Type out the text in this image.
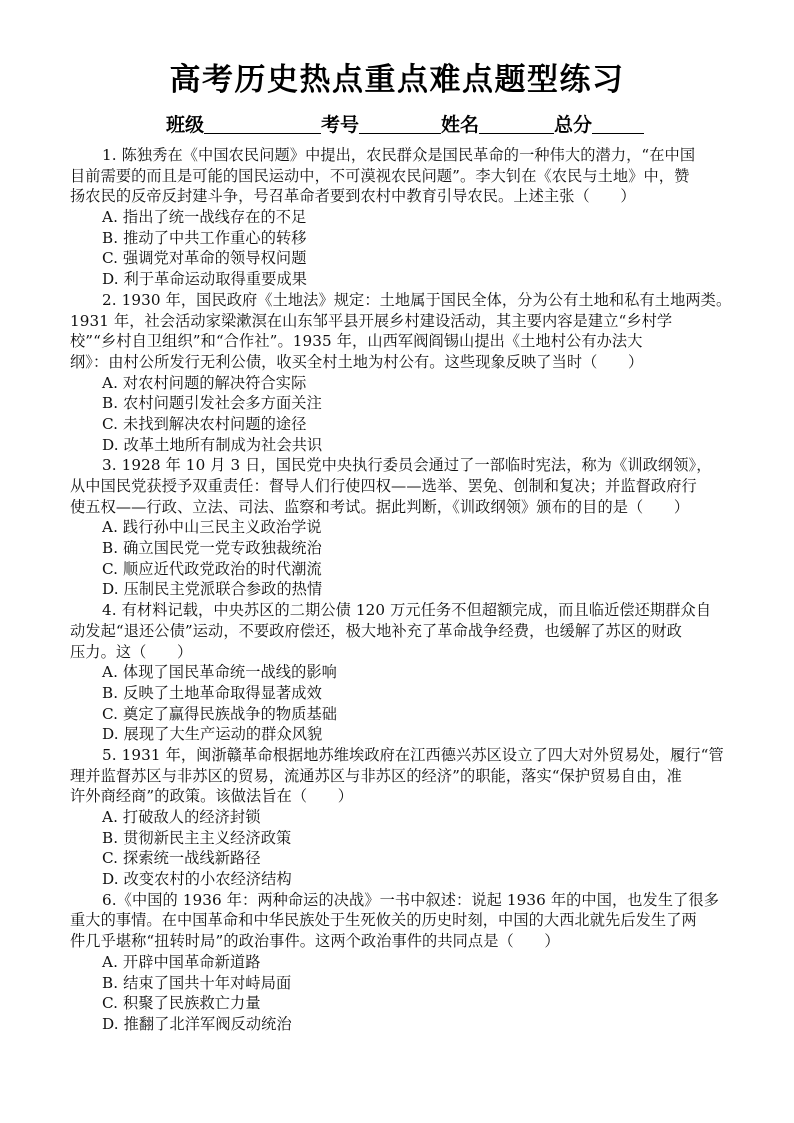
高考历史热点重点难点题型练习
班级	考号	姓名	总分
1. 陈独秀在《中国农民问题》中提出，农民群众是国民革命的一种伟大的潜力，“在中国
目前需要的而且是可能的国民运动中，不可漠视农民问题”。李大钊在《农民与土地》中，赞
扬农民的反帝反封建斗争，号召革命者要到农村中教育引导农民。上述主张（　　）
A. 指出了统一战线存在的不足
B. 推动了中共工作重心的转移
C. 强调党对革命的领导权问题
D. 利于革命运动取得重要成果
2. 1930 年，国民政府《土地法》规定：土地属于国民全体，分为公有土地和私有土地两类。
1931 年，社会活动家梁漱溟在山东邹平县开展乡村建设活动，其主要内容是建立“乡村学
校”“乡村自卫组织”和“合作社”。1935 年，山西军阀阎锡山提出《土地村公有办法大
纲》：由村公所发行无利公债，收买全村土地为村公有。这些现象反映了当时（　　）
A. 对农村问题的解决符合实际
B. 农村问题引发社会多方面关注
C. 未找到解决农村问题的途径
D. 改革土地所有制成为社会共识
3. 1928 年 10 月 3 日，国民党中央执行委员会通过了一部临时宪法，称为《训政纲领》，
从中国民党获授予双重责任：督导人们行使四权——选举、罢免、创制和复决；并监督政府行
使五权——行政、立法、司法、监察和考试。据此判断，《训政纲领》颁布的目的是（　　）
A. 践行孙中山三民主义政治学说
B. 确立国民党一党专政独裁统治
C. 顺应近代政党政治的时代潮流
D. 压制民主党派联合参政的热情
4. 有材料记载，中央苏区的二期公债 120 万元任务不但超额完成，而且临近偿还期群众自
动发起“退还公债”运动，不要政府偿还，极大地补充了革命战争经费，也缓解了苏区的财政
压力。这（　　）
A. 体现了国民革命统一战线的影响
B. 反映了土地革命取得显著成效
C. 奠定了赢得民族战争的物质基础
D. 展现了大生产运动的群众风貌
5. 1931 年，闽浙赣革命根据地苏维埃政府在江西德兴苏区设立了四大对外贸易处，履行“管
理并监督苏区与非苏区的贸易，流通苏区与非苏区的经济”的职能，落实“保护贸易自由，准
许外商经商”的政策。该做法旨在（　　）
A. 打破敌人的经济封锁
B. 贯彻新民主主义经济政策
C. 探索统一战线新路径
D. 改变农村的小农经济结构
6.《中国的 1936 年：两种命运的决战》一书中叙述：说起 1936 年的中国，也发生了很多
重大的事情。在中国革命和中华民族处于生死攸关的历史时刻，中国的大西北就先后发生了两
件几乎堪称“扭转时局”的政治事件。这两个政治事件的共同点是（　　）
A. 开辟中国革命新道路
B. 结束了国共十年对峙局面
C. 积聚了民族救亡力量
D. 推翻了北洋军阀反动统治
